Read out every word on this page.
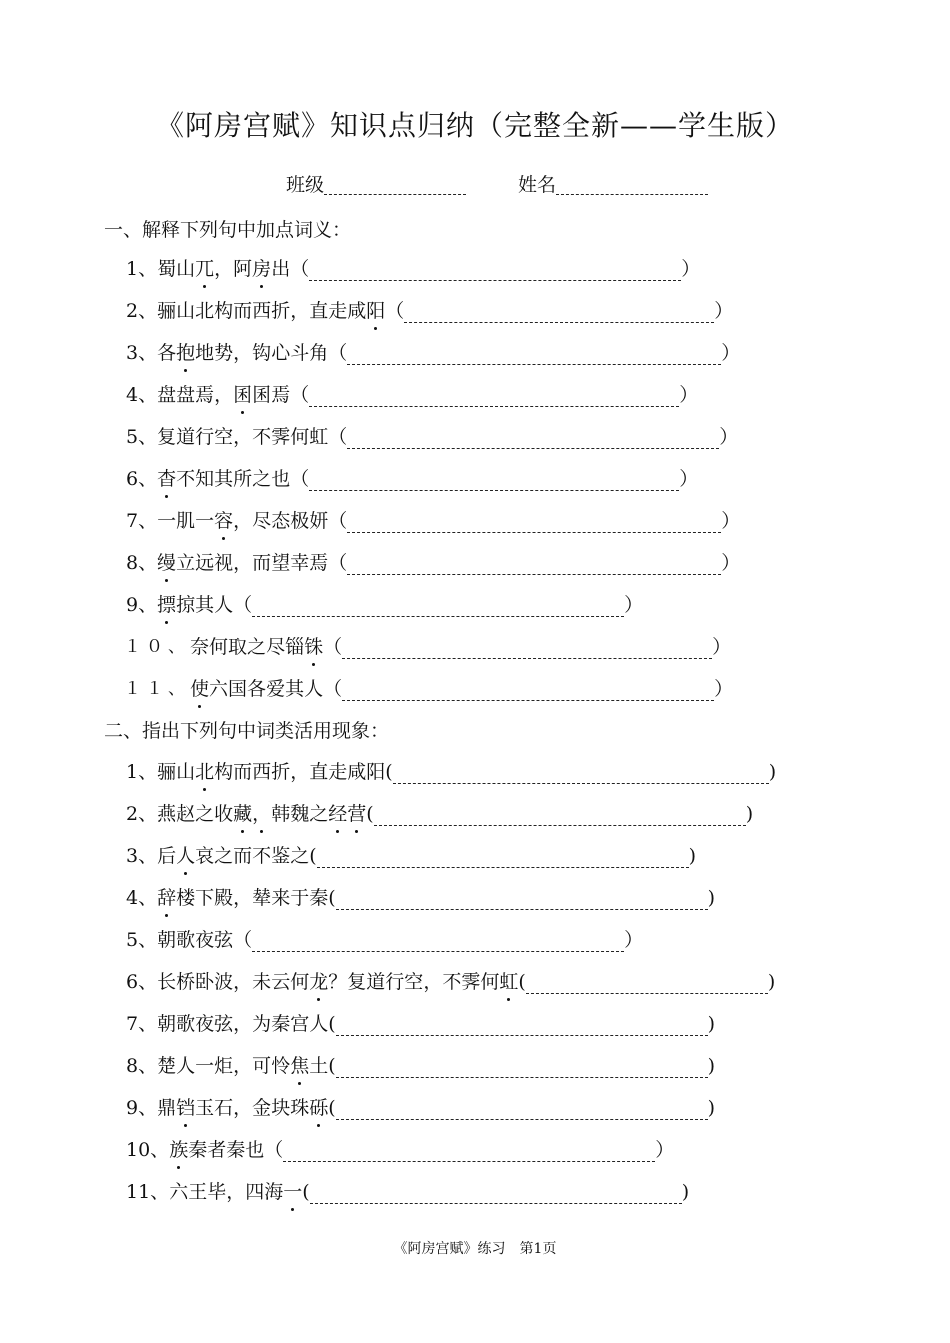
《阿房宫赋》知识点归纳（完整全新——学生版）
班级	姓名
一、解释下列句中加点词义：
1、蜀山兀，阿房出（	）
2、骊山北构而西折，直走咸阳（	）
3、各抱地势，钩心斗角（	）
4、盘盘焉，囷囷焉（	）
5、复道行空，不霁何虹（	）
6、杳不知其所之也（	）
7、一肌一容，尽态极妍（	）
8、缦立远视，而望幸焉（	）
9、摽掠其人（	）
１０、奈何取之尽锱铢（	）
１１、使六国各爱其人（	）
二、指出下列句中词类活用现象：
1、骊山北构而西折，直走咸阳(	)
2、燕赵之收藏，韩魏之经营(	)
3、后人哀之而不鉴之(	)
4、辞楼下殿，辇来于秦(	)
5、朝歌夜弦（	）
6、长桥卧波，未云何龙？复道行空，不霁何虹(	)
7、朝歌夜弦，为秦宫人(	)
8、楚人一炬，可怜焦土(	)
9、鼎铛玉石，金块珠砾(	)
10、族秦者秦也（	）
11、六王毕，四海一(	)
《阿房宫赋》练习　第1页
